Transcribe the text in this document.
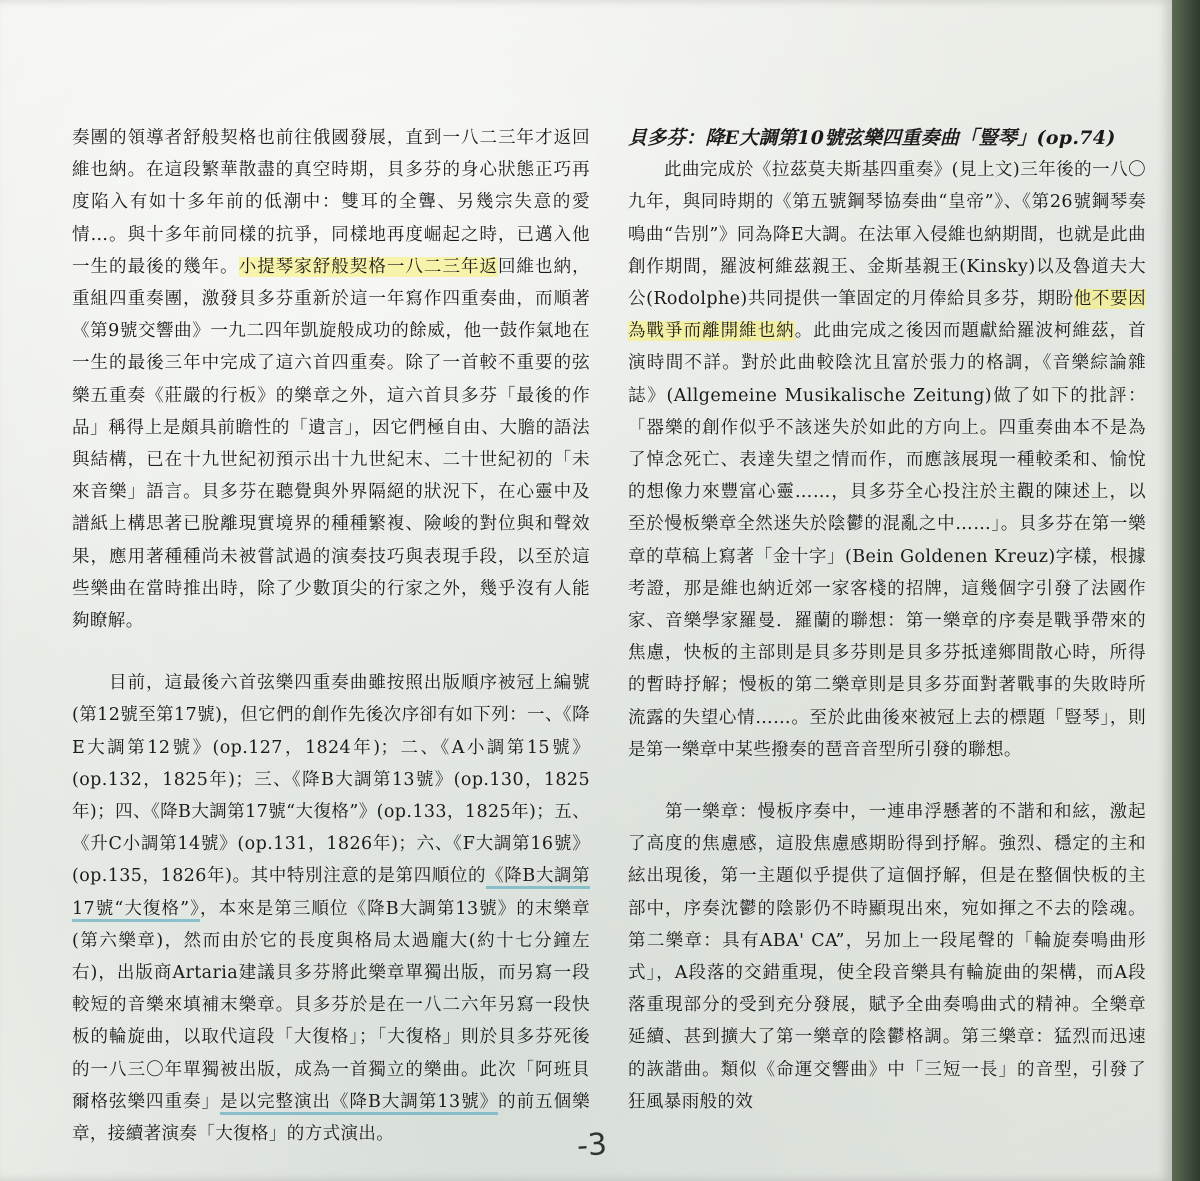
奏團的領導者舒般契格也前往俄國發展，直到一八二三年才返回維也納。在這段繁華散盡的真空時期，貝多芬的身心狀態正巧再度陷入有如十多年前的低潮中：雙耳的全聾、另幾宗失意的愛情…。與十多年前同樣的抗爭，同樣地再度崛起之時，已邁入他一生的最後的幾年。小提琴家舒般契格一八二三年返回維也納，重組四重奏團，激發貝多芬重新於這一年寫作四重奏曲，而順著《第9號交響曲》一九二四年凱旋般成功的餘威，他一鼓作氣地在一生的最後三年中完成了這六首四重奏。除了一首較不重要的弦樂五重奏《莊嚴的行板》的樂章之外，這六首貝多芬「最後的作品」稱得上是頗具前瞻性的「遺言」，因它們極自由、大膽的語法與結構，已在十九世紀初預示出十九世紀末、二十世紀初的「未來音樂」語言。貝多芬在聽覺與外界隔絕的狀況下，在心靈中及譜紙上構思著已脫離現實境界的種種繁複、險峻的對位與和聲效果，應用著種種尚未被嘗試過的演奏技巧與表現手段，以至於這些樂曲在當時推出時，除了少數頂尖的行家之外，幾乎沒有人能夠瞭解。

　　目前，這最後六首弦樂四重奏曲雖按照出版順序被冠上編號(第12號至第17號)，但它們的創作先後次序卻有如下列：一、《降E大調第12號》(op.127，1824年)；二、《A小調第15號》(op.132，1825年)；三、《降B大調第13號》(op.130，1825年)；四、《降B大調第17號“大復格”》(op.133，1825年)；五、《升C小調第14號》(op.131，1826年)；六、《F大調第16號》(op.135，1826年)。其中特別注意的是第四順位的《降B大調第17號“大復格”》，本來是第三順位《降B大調第13號》的末樂章(第六樂章)，然而由於它的長度與格局太過龐大(約十七分鐘左右)，出版商Artaria建議貝多芬將此樂章單獨出版，而另寫一段較短的音樂來填補末樂章。貝多芬於是在一八二六年另寫一段快板的輪旋曲，以取代這段「大復格」；「大復格」則於貝多芬死後的一八三〇年單獨被出版，成為一首獨立的樂曲。此次「阿班貝爾格弦樂四重奏」是以完整演出《降B大調第13號》的前五個樂章，接續著演奏「大復格」的方式演出。

貝多芬：降E大調第10號弦樂四重奏曲「豎琴」(op.74)

　　此曲完成於《拉茲莫夫斯基四重奏》(見上文)三年後的一八〇九年，與同時期的《第五號鋼琴協奏曲“皇帝”》、《第26號鋼琴奏鳴曲“告別”》同為降E大調。在法軍入侵維也納期間，也就是此曲創作期間，羅波柯維茲親王、金斯基親王(Kinsky)以及魯道夫大公(Rodolphe)共同提供一筆固定的月俸給貝多芬，期盼他不要因為戰爭而離開維也納。此曲完成之後因而題獻給羅波柯維茲，首演時間不詳。對於此曲較陰沈且富於張力的格調，《音樂綜論雜誌》(Allgemeine Musikalische Zeitung)做了如下的批評：「器樂的創作似乎不該迷失於如此的方向上。四重奏曲本不是為了悼念死亡、表達失望之情而作，而應該展現一種較柔和、愉悅的想像力來豐富心靈……，貝多芬全心投注於主觀的陳述上，以至於慢板樂章全然迷失於陰鬱的混亂之中……」。貝多芬在第一樂章的草稿上寫著「金十字」(Bein Goldenen Kreuz)字樣，根據考證，那是維也納近郊一家客棧的招牌，這幾個字引發了法國作家、音樂學家羅曼．羅蘭的聯想：第一樂章的序奏是戰爭帶來的焦慮，快板的主部則是貝多芬則是貝多芬抵達鄉間散心時，所得的暫時抒解；慢板的第二樂章則是貝多芬面對著戰事的失敗時所流露的失望心情……。至於此曲後來被冠上去的標題「豎琴」，則是第一樂章中某些撥奏的琶音音型所引發的聯想。

　　第一樂章：慢板序奏中，一連串浮懸著的不諧和和絃，激起了高度的焦慮感，這股焦慮感期盼得到抒解。強烈、穩定的主和絃出現後，第一主題似乎提供了這個抒解，但是在整個快板的主部中，序奏沈鬱的陰影仍不時顯現出來，宛如揮之不去的陰魂。第二樂章：具有ABA' CA”，另加上一段尾聲的「輪旋奏鳴曲形式」，A段落的交錯重現，使全段音樂具有輪旋曲的架構，而A段落重現部分的受到充分發展，賦予全曲奏鳴曲式的精神。全樂章延續、甚到擴大了第一樂章的陰鬱格調。第三樂章：猛烈而迅速的詼諧曲。類似《命運交響曲》中「三短一長」的音型，引發了狂風暴雨般的效

-3
